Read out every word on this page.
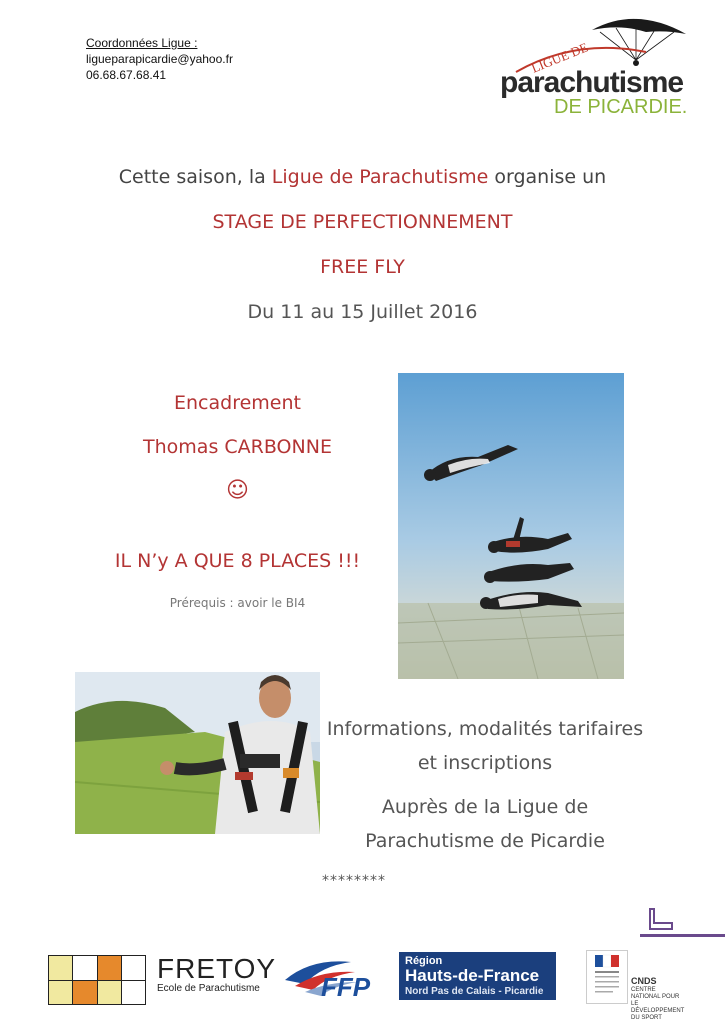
Coordonnées Ligue :
ligueparapicardie@yahoo.fr
06.68.67.68.41	LIGUE DE
parachutisme
DE PICARDIE.
Cette saison, la Ligue de Parachutisme organise un
STAGE DE PERFECTIONNEMENT
FREE FLY
Du 11 au 15 Juillet 2016
Encadrement
Thomas CARBONNE
☺
IL N’y A QUE 8 PLACES !!!
Prérequis : avoir le BI4
Informations, modalités tarifaires
et inscriptions
Auprès de la Ligue de
Parachutisme de Picardie
********
FRETOY
Ecole de Parachutisme	FFP
Région
Hauts-de-France
Nord Pas de Calais - Picardie
CNDS
CENTRE NATIONAL POUR LE DÉVELOPPEMENT DU SPORT
